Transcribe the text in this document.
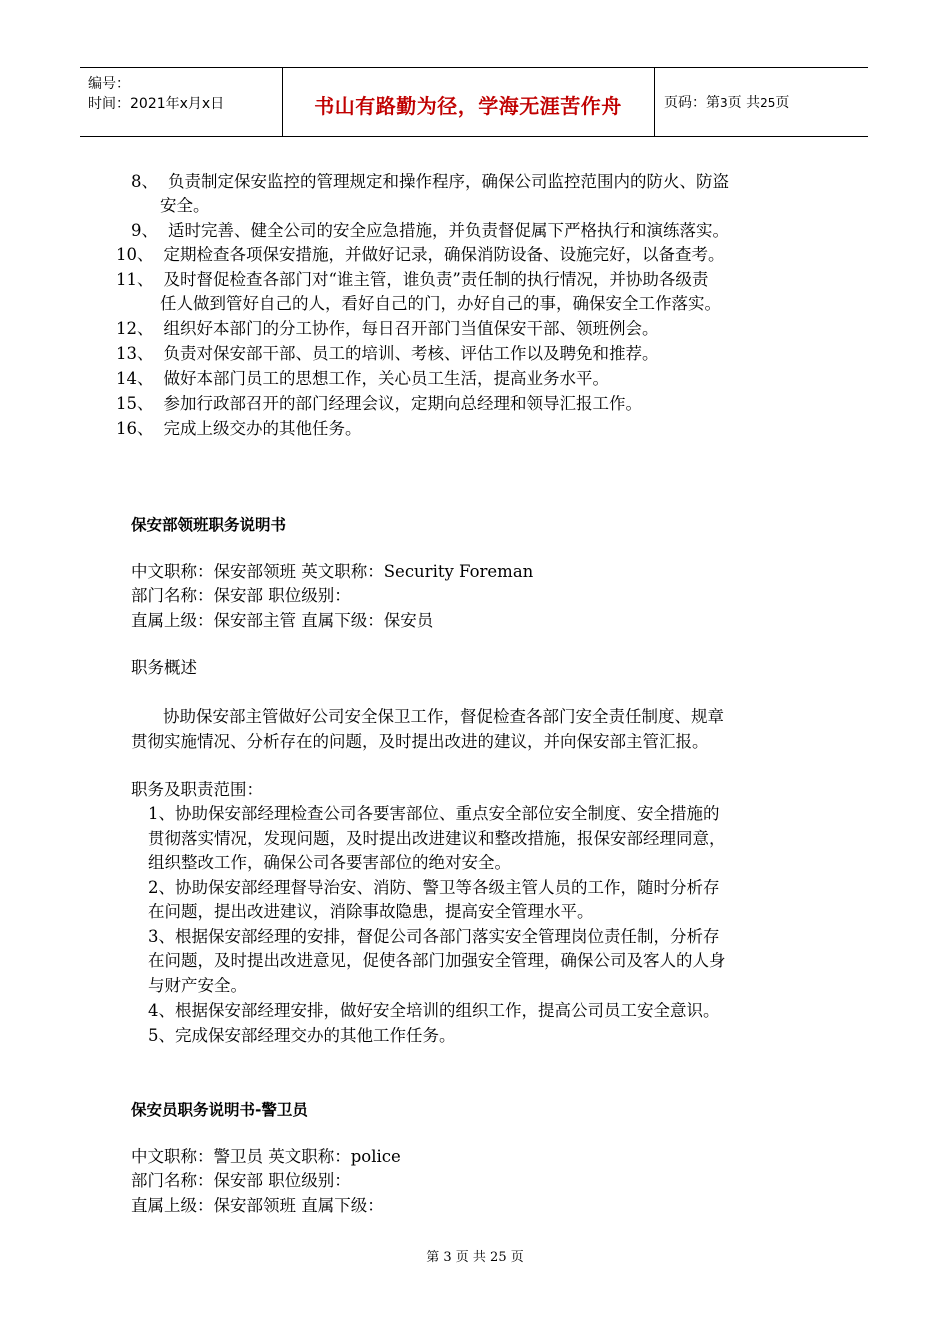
编号：
时间：2021年x月x日	书山有路勤为径，学海无涯苦作舟	页码：第3页 共25页
8、 负责制定保安监控的管理规定和操作程序，确保公司监控范围内的防火、防盗
安全。
9、 适时完善、健全公司的安全应急措施，并负责督促属下严格执行和演练落实。
10、 定期检查各项保安措施，并做好记录，确保消防设备、设施完好，以备查考。
11、 及时督促检查各部门对“谁主管，谁负责”责任制的执行情况，并协助各级责
任人做到管好自己的人，看好自己的门，办好自己的事，确保安全工作落实。
12、 组织好本部门的分工协作，每日召开部门当值保安干部、领班例会。
13、 负责对保安部干部、员工的培训、考核、评估工作以及聘免和推荐。
14、 做好本部门员工的思想工作，关心员工生活，提高业务水平。
15、 参加行政部召开的部门经理会议，定期向总经理和领导汇报工作。
16、 完成上级交办的其他任务。
保安部领班职务说明书
中文职称：保安部领班 英文职称：Security Foreman
部门名称：保安部 职位级别：
直属上级：保安部主管 直属下级：保安员
职务概述
协助保安部主管做好公司安全保卫工作，督促检查各部门安全责任制度、规章
贯彻实施情况、分析存在的问题，及时提出改进的建议，并向保安部主管汇报。
职务及职责范围：
1、协助保安部经理检查公司各要害部位、重点安全部位安全制度、安全措施的
贯彻落实情况，发现问题，及时提出改进建议和整改措施，报保安部经理同意，
组织整改工作，确保公司各要害部位的绝对安全。
2、协助保安部经理督导治安、消防、警卫等各级主管人员的工作，随时分析存
在问题，提出改进建议，消除事故隐患，提高安全管理水平。
3、根据保安部经理的安排，督促公司各部门落实安全管理岗位责任制，分析存
在问题，及时提出改进意见，促使各部门加强安全管理，确保公司及客人的人身
与财产安全。
4、根据保安部经理安排，做好安全培训的组织工作，提高公司员工安全意识。
5、完成保安部经理交办的其他工作任务。
保安员职务说明书-警卫员
中文职称：警卫员 英文职称：police
部门名称：保安部 职位级别：
直属上级：保安部领班 直属下级：
第 3 页 共 25 页
